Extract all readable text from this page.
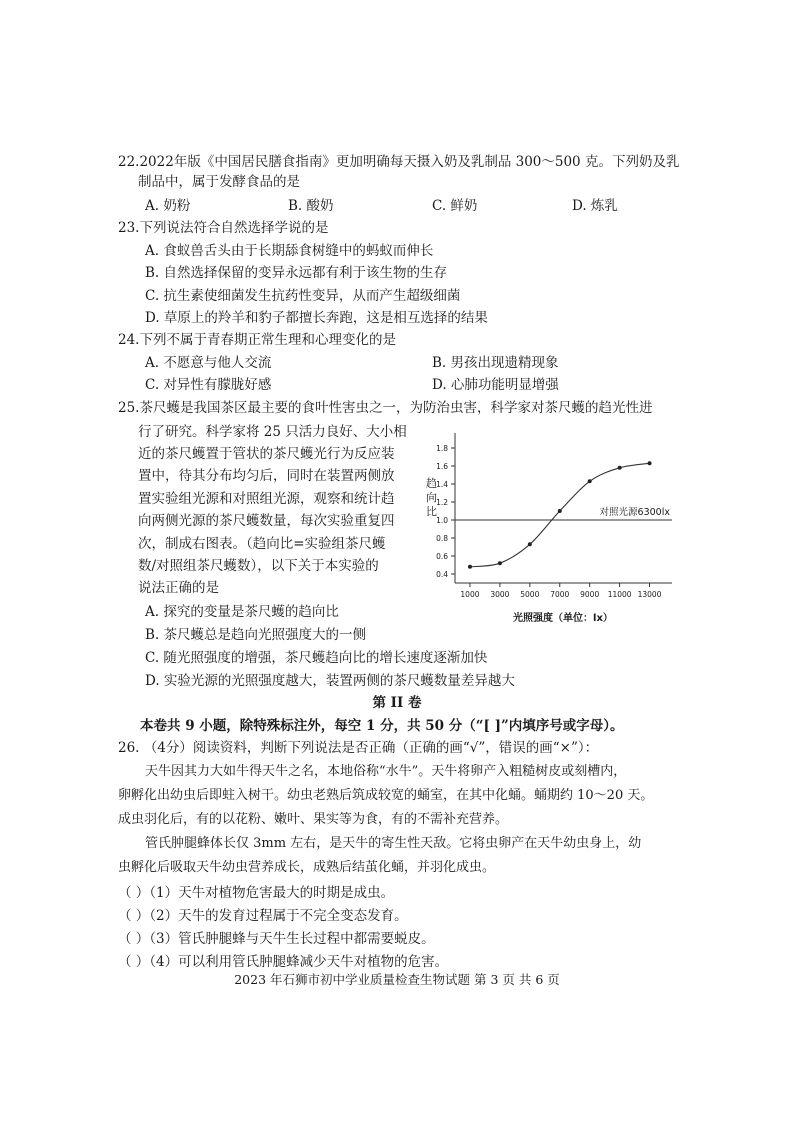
22.2022年版《中国居民膳食指南》更加明确每天摄入奶及乳制品 300～500 克。下列奶及乳
制品中，属于发酵食品的是
A. 奶粉	B. 酸奶	C. 鲜奶	D. 炼乳
23.下列说法符合自然选择学说的是
A. 食蚁兽舌头由于长期舔食树缝中的蚂蚁而伸长
B. 自然选择保留的变异永远都有利于该生物的生存
C. 抗生素使细菌发生抗药性变异，从而产生超级细菌
D. 草原上的羚羊和豹子都擅长奔跑，这是相互选择的结果
24.下列不属于青春期正常生理和心理变化的是
A. 不愿意与他人交流	B. 男孩出现遗精现象
C. 对异性有朦胧好感	D. 心肺功能明显增强
25.茶尺蠖是我国茶区最主要的食叶性害虫之一，为防治虫害，科学家对茶尺蠖的趋光性进
行了研究。科学家将 25 只活力良好、大小相
近的茶尺蠖置于管状的茶尺蠖光行为反应装
置中，待其分布均匀后，同时在装置两侧放
置实验组光源和对照组光源，观察和统计趋
向两侧光源的茶尺蠖数量，每次实验重复四
次，制成右图表。（趋向比=实验组茶尺蠖
数/对照组茶尺蠖数），以下关于本实验的
说法正确的是
0.4
0.6
0.8
1.0
1.2
1.4
1.6
1.8
1000 3000 5000 7000 9000 11000 13000
对照光源6300lx
趋向比
光照强度（单位：lx）
A. 探究的变量是茶尺蠖的趋向比
B. 茶尺蠖总是趋向光照强度大的一侧
C. 随光照强度的增强，茶尺蠖趋向比的增长速度逐渐加快
D. 实验光源的光照强度越大，装置两侧的茶尺蠖数量差异越大
第 II 卷
本卷共 9 小题，除特殊标注外，每空 1 分，共 50 分（“[ ]”内填序号或字母）。
26. （4分）阅读资料，判断下列说法是否正确（正确的画“√”，错误的画“×”）：
天牛因其力大如牛得天牛之名，本地俗称“水牛”。天牛将卵产入粗糙树皮或刻槽内，
卵孵化出幼虫后即蛀入树干。幼虫老熟后筑成较宽的蛹室，在其中化蛹。蛹期约 10～20 天。
成虫羽化后，有的以花粉、嫩叶、果实等为食，有的不需补充营养。
管氏肿腿蜂体长仅 3mm 左右，是天牛的寄生性天敌。它将虫卵产在天牛幼虫身上，幼
虫孵化后吸取天牛幼虫营养成长，成熟后结茧化蛹，并羽化成虫。
（ ）（1）天牛对植物危害最大的时期是成虫。
（ ）（2）天牛的发育过程属于不完全变态发育。
（ ）（3）管氏肿腿蜂与天牛生长过程中都需要蜕皮。
（ ）（4）可以利用管氏肿腿蜂减少天牛对植物的危害。
2023 年石狮市初中学业质量检查生物试题 第 3 页 共 6 页
